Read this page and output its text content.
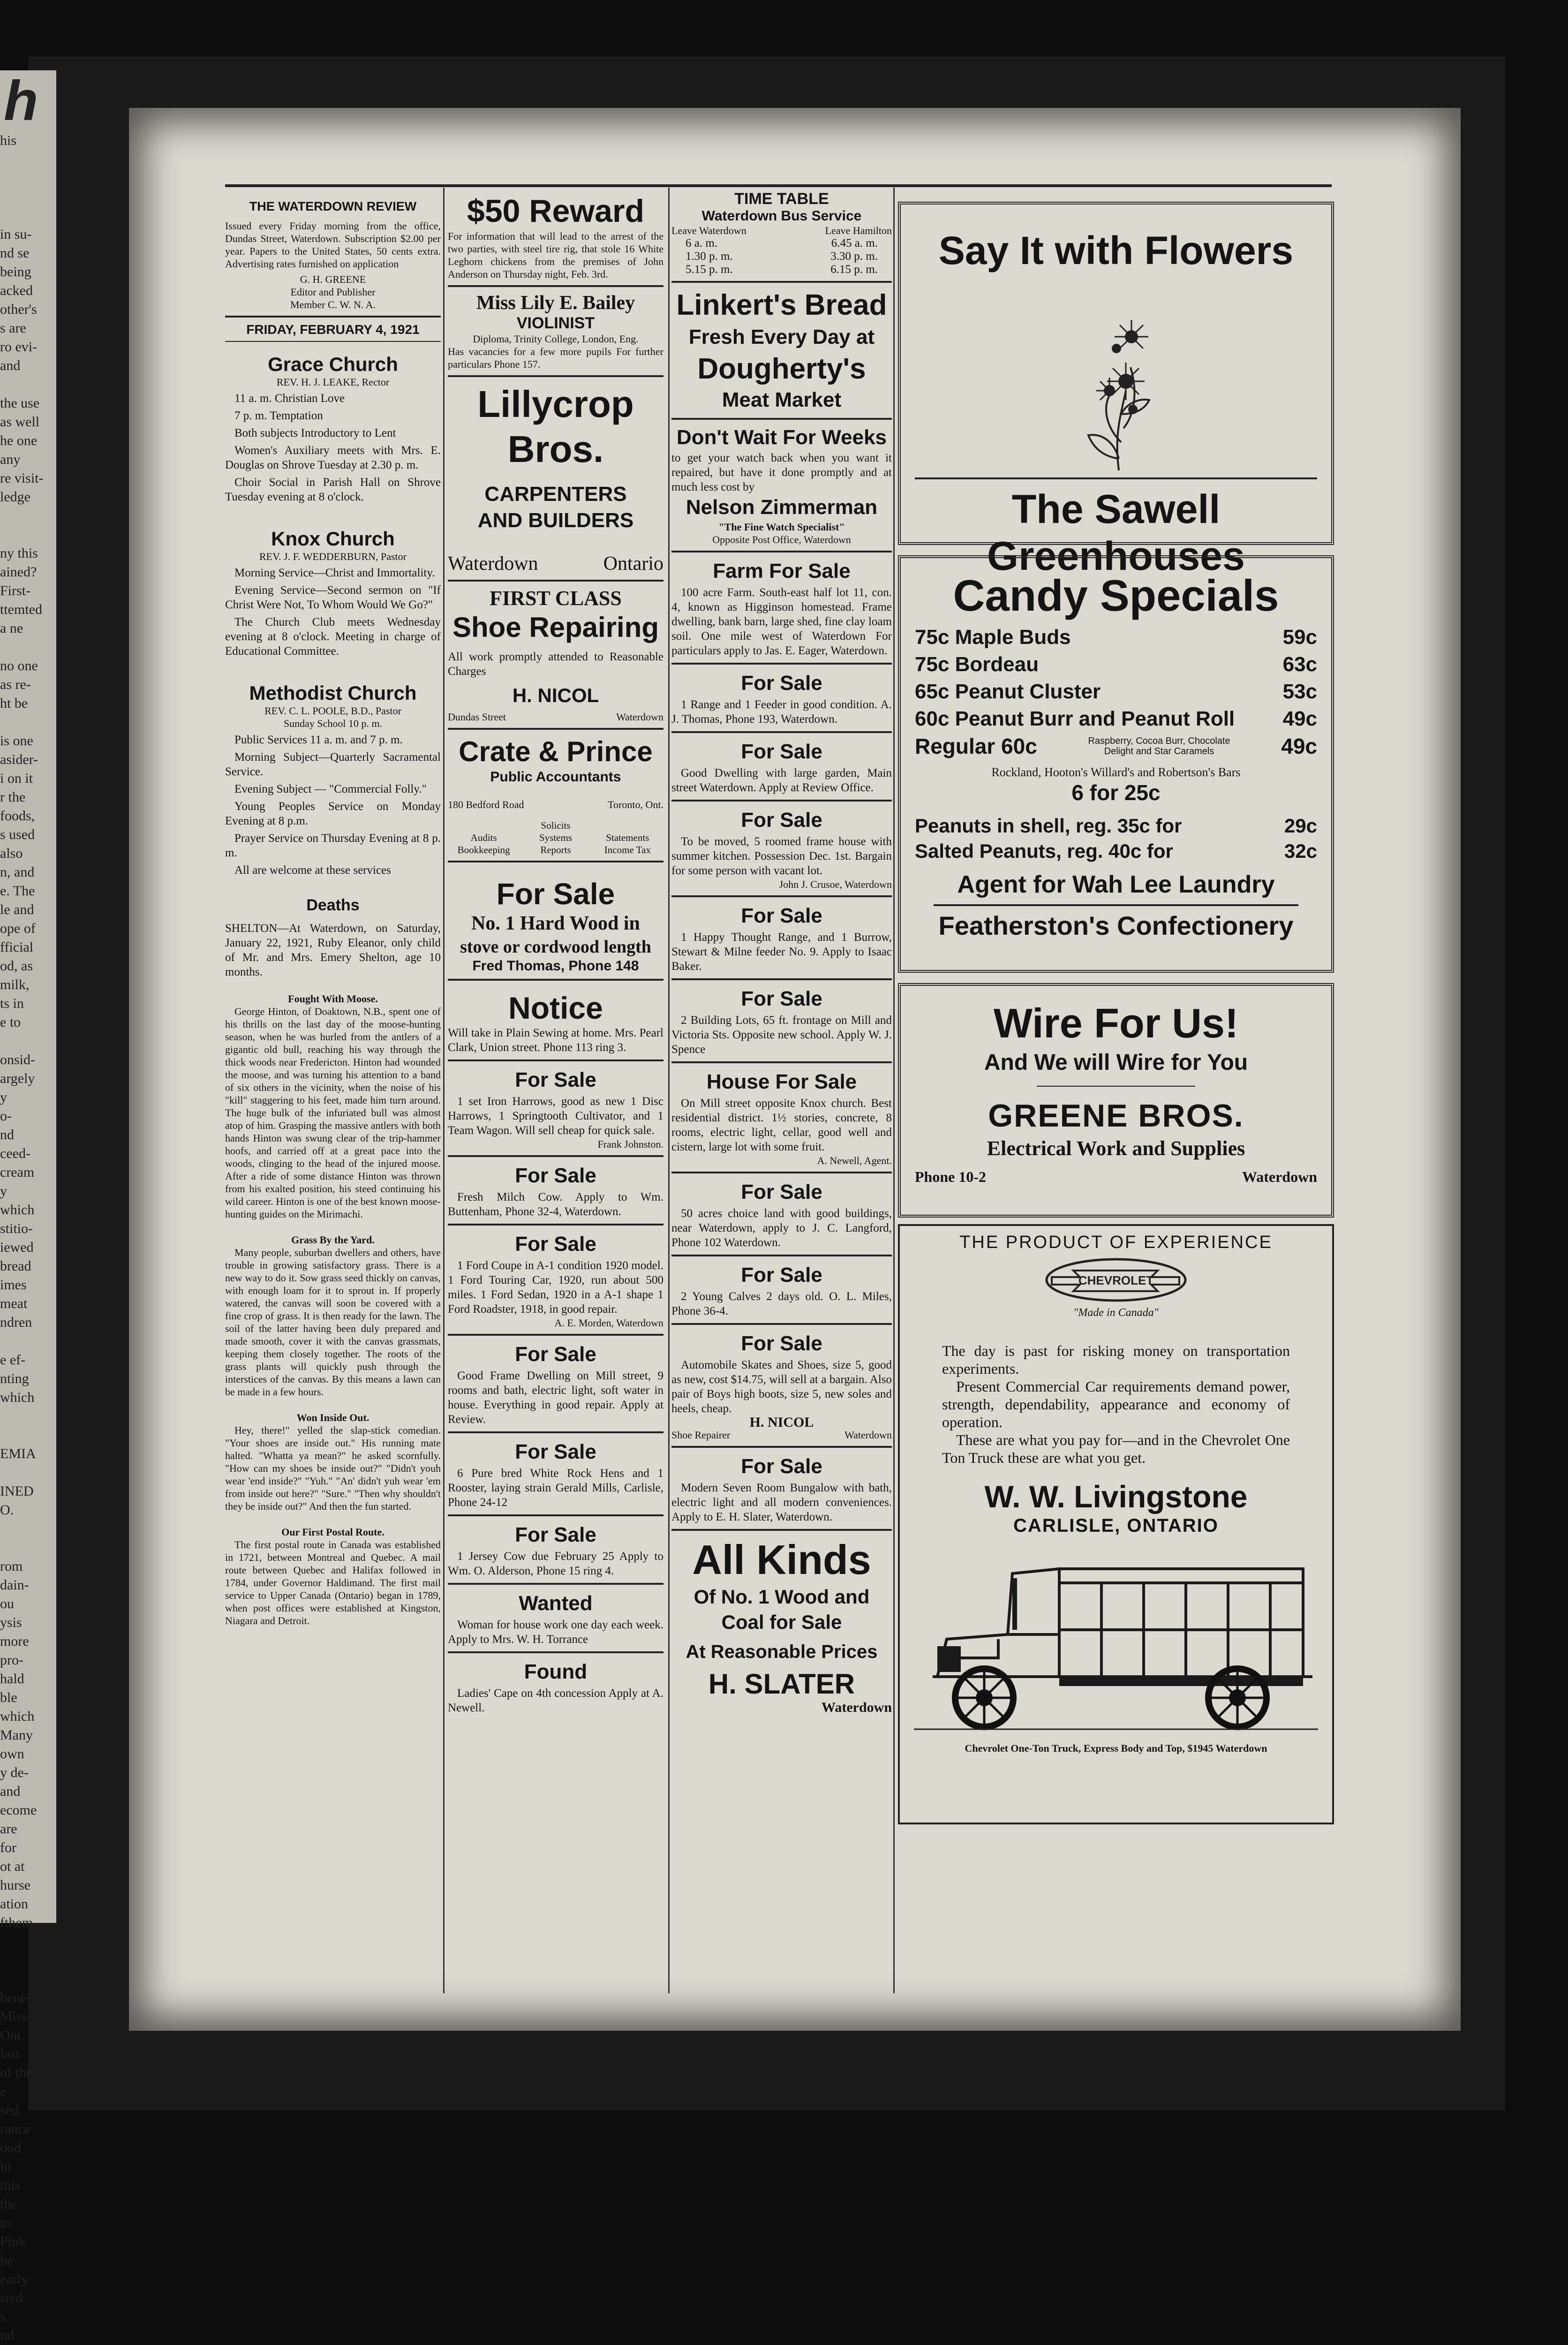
h
his

in su-
nd se
being
acked
other's
s are
ro evi-
and

the use
as well
he one
any
re visit-
ledge

ny this
ained?
First-
ttemted
a ne

no one
as re-
ht be

is one
asider-
i on it
r the
foods,
s used
also
n, and
e. The
le and
ope of
fficial
od, as
milk,
ts in
e to

onsid-
argely
y
o-
nd
ceed-
cream
y
which
stitio-
iewed
bread
imes
meat
ndren

e ef-
nting
which

EMIA

INED
O.

rom
dain-
ou
ysis
more
pro-
hald
ble
which
Many
own
y de-
and
ecome
are
for
ot at
hurse
ation
fthem

bene-
Miss
Ont.
last
of the
e
sed.
rance
ood
in
this
the
to
Pink
be
early
sted
s
nd

THE WATERDOWN REVIEW

Issued every Friday morning from the office, Dundas Street, Waterdown. Subscription $2.00 per year. Papers to the United States, 50 cents extra. Advertising rates furnished on application

G. H. GREENE
Editor and Publisher
Member C. W. N. A.
FRIDAY, FEBRUARY 4, 1921
Grace Church
REV. H. J. LEAKE, Rector

11 a. m. Christian Love

7 p. m. Temptation

Both subjects Introductory to Lent

Women's Auxiliary meets with Mrs. E. Douglas on Shrove Tuesday at 2.30 p. m.

Choir Social in Parish Hall on Shrove Tuesday evening at 8 o'clock.

Knox Church
REV. J. F. WEDDERBURN, Pastor

Morning Service—Christ and Immortality.

Evening Service—Second sermon on "If Christ Were Not, To Whom Would We Go?"

The Church Club meets Wednesday evening at 8 o'clock. Meeting in charge of Educational Committee.

Methodist Church
REV. C. L. POOLE, B.D., Pastor
Sunday School 10 p. m.

Public Services 11 a. m. and 7 p. m.

Morning Subject—Quarterly Sacramental Service.

Evening Subject — "Commercial Folly."

Young Peoples Service on Monday Evening at 8 p.m.

Prayer Service on Thursday Evening at 8 p. m.

All are welcome at these services

Deaths

SHELTON—At Waterdown, on Saturday, January 22, 1921, Ruby Eleanor, only child of Mr. and Mrs. Emery Shelton, age 10 months.

Fought With Moose.

George Hinton, of Doaktown, N.B., spent one of his thrills on the last day of the moose-hunting season, when he was hurled from the antlers of a gigantic old bull, reaching his way through the thick woods near Fredericton. Hinton had wounded the moose, and was turning his attention to a band of six others in the vicinity, when the noise of his "kill" staggering to his feet, made him turn around. The huge bulk of the infuriated bull was almost atop of him. Grasping the massive antlers with both hands Hinton was swung clear of the trip-hammer hoofs, and carried off at a great pace into the woods, clinging to the head of the injured moose. After a ride of some distance Hinton was thrown from his exalted position, his steed continuing his wild career. Hinton is one of the best known moose-hunting guides on the Mirimachi.

Grass By the Yard.

Many people, suburban dwellers and others, have trouble in growing satisfactory grass. There is a new way to do it. Sow grass seed thickly on canvas, with enough loam for it to sprout in. If properly watered, the canvas will soon be covered with a fine crop of grass. It is then ready for the lawn. The soil of the latter having been duly prepared and made smooth, cover it with the canvas grassmats, keeping them closely together. The roots of the grass plants will quickly push through the interstices of the canvas. By this means a lawn can be made in a few hours.

Won Inside Out.

Hey, there!" yelled the slap-stick comedian. "Your shoes are inside out." His running mate halted. "Whatta ya mean?" he asked scornfully. "How can my shoes be inside out?" "Didn't youh wear 'end inside?" "Yuh." "An' didn't yuh wear 'em from inside out here?" "Sure." "Then why shouldn't they be inside out?" And then the fun started.

Our First Postal Route.

The first postal route in Canada was established in 1721, between Montreal and Quebec. A mail route between Quebec and Halifax followed in 1784, under Governor Haldimand. The first mail service to Upper Canada (Ontario) began in 1789, when post offices were established at Kingston, Niagara and Detroit.

$50 Reward

For information that will lead to the arrest of the two parties, with steel tire rig, that stole 16 White Leghorn chickens from the premises of John Anderson on Thursday night, Feb. 3rd.

Miss Lily E. Bailey
VIOLINIST
Diploma, Trinity College, London, Eng.

Has vacancies for a few more pupils For further particulars Phone 157.

Lillycrop Bros.
CARPENTERS AND BUILDERS
Waterdown	Ontario
FIRST CLASS
Shoe Repairing

All work promptly attended to Reasonable Charges

H. NICOL
Dundas Street	Waterdown
Crate & Prince
Public Accountants
180 Bedford Road	Toronto, Ont.
Solicits
Audits	Systems	Statements
Bookkeeping	Reports	Income Tax
For Sale
No. 1 Hard Wood in
stove or cordwood length
Fred Thomas, Phone 148
Notice

Will take in Plain Sewing at home. Mrs. Pearl Clark, Union street. Phone 113 ring 3.

For Sale

1 set Iron Harrows, good as new 1 Disc Harrows, 1 Springtooth Cultivator, and 1 Team Wagon. Will sell cheap for quick sale.

Frank Johnston.
For Sale

Fresh Milch Cow. Apply to Wm. Buttenham, Phone 32-4, Waterdown.

For Sale

1 Ford Coupe in A-1 condition 1920 model. 1 Ford Touring Car, 1920, run about 500 miles. 1 Ford Sedan, 1920 in a A-1 shape 1 Ford Roadster, 1918, in good repair.

A. E. Morden, Waterdown
For Sale

Good Frame Dwelling on Mill street, 9 rooms and bath, electric light, soft water in house. Everything in good repair. Apply at Review.

For Sale

6 Pure bred White Rock Hens and 1 Rooster, laying strain Gerald Mills, Carlisle, Phone 24-12

For Sale

1 Jersey Cow due February 25 Apply to Wm. O. Alderson, Phone 15 ring 4.

Wanted

Woman for house work one day each week. Apply to Mrs. W. H. Torrance

Found

Ladies' Cape on 4th concession Apply at A. Newell.

TIME TABLE
Waterdown Bus Service
Leave Waterdown	Leave Hamilton
6 a. m.	6.45 a. m.
1.30 p. m.	3.30 p. m.
5.15 p. m.	6.15 p. m.
Linkert's Bread
Fresh Every Day at
Dougherty's
Meat Market
Don't Wait For Weeks

to get your watch back when you want it repaired, but have it done promptly and at much less cost by

Nelson Zimmerman
"The Fine Watch Specialist"
Opposite Post Office, Waterdown
Farm For Sale

100 acre Farm. South-east half lot 11, con. 4, known as Higginson homestead. Frame dwelling, bank barn, large shed, fine clay loam soil. One mile west of Waterdown For particulars apply to Jas. E. Eager, Waterdown.

For Sale

1 Range and 1 Feeder in good condition. A. J. Thomas, Phone 193, Waterdown.

For Sale

Good Dwelling with large garden, Main street Waterdown. Apply at Review Office.

For Sale

To be moved, 5 roomed frame house with summer kitchen. Possession Dec. 1st. Bargain for some person with vacant lot.

John J. Crusoe, Waterdown
For Sale

1 Happy Thought Range, and 1 Burrow, Stewart & Milne feeder No. 9. Apply to Isaac Baker.

For Sale

2 Building Lots, 65 ft. frontage on Mill and Victoria Sts. Opposite new school. Apply W. J. Spence

House For Sale

On Mill street opposite Knox church. Best residential district. 1½ stories, concrete, 8 rooms, electric light, cellar, good well and cistern, large lot with some fruit.

A. Newell, Agent.
For Sale

50 acres choice land with good buildings, near Waterdown, apply to J. C. Langford, Phone 102 Waterdown.

For Sale

2 Young Calves 2 days old. O. L. Miles, Phone 36-4.

For Sale

Automobile Skates and Shoes, size 5, good as new, cost $14.75, will sell at a bargain. Also pair of Boys high boots, size 5, new soles and heels, cheap.

H. NICOL
Shoe Repairer	Waterdown
For Sale

Modern Seven Room Bungalow with bath, electric light and all modern conveniences. Apply to E. H. Slater, Waterdown.

All Kinds
Of No. 1 Wood and
Coal for Sale
At Reasonable Prices
H. SLATER
Waterdown
Say It with Flowers
The Sawell Greenhouses
Candy Specials
75c Maple Buds	59c
75c Bordeau	63c
65c Peanut Cluster	53c
60c Peanut Burr and Peanut Roll 49c
Regular 60c	Raspberry, Cocoa Burr, Chocolate
Delight and Star Caramels	49c
Rockland, Hooton's Willard's and Robertson's Bars
6 for 25c
Peanuts in shell, reg. 35c for	29c
Salted Peanuts, reg. 40c for	32c
Agent for Wah Lee Laundry
Featherston's Confectionery
Wire For Us!
And We will Wire for You
GREENE BROS.
Electrical Work and Supplies
Phone 10-2	Waterdown
THE PRODUCT OF EXPERIENCE
CHEVROLET
"Made in Canada"

The day is past for risking money on transportation experiments.

Present Commercial Car requirements demand power, strength, dependability, appearance and economy of operation.

These are what you pay for—and in the Chevrolet One Ton Truck these are what you get.

W. W. Livingstone
CARLISLE, ONTARIO
Chevrolet One-Ton Truck, Express Body and Top, $1945 Waterdown
